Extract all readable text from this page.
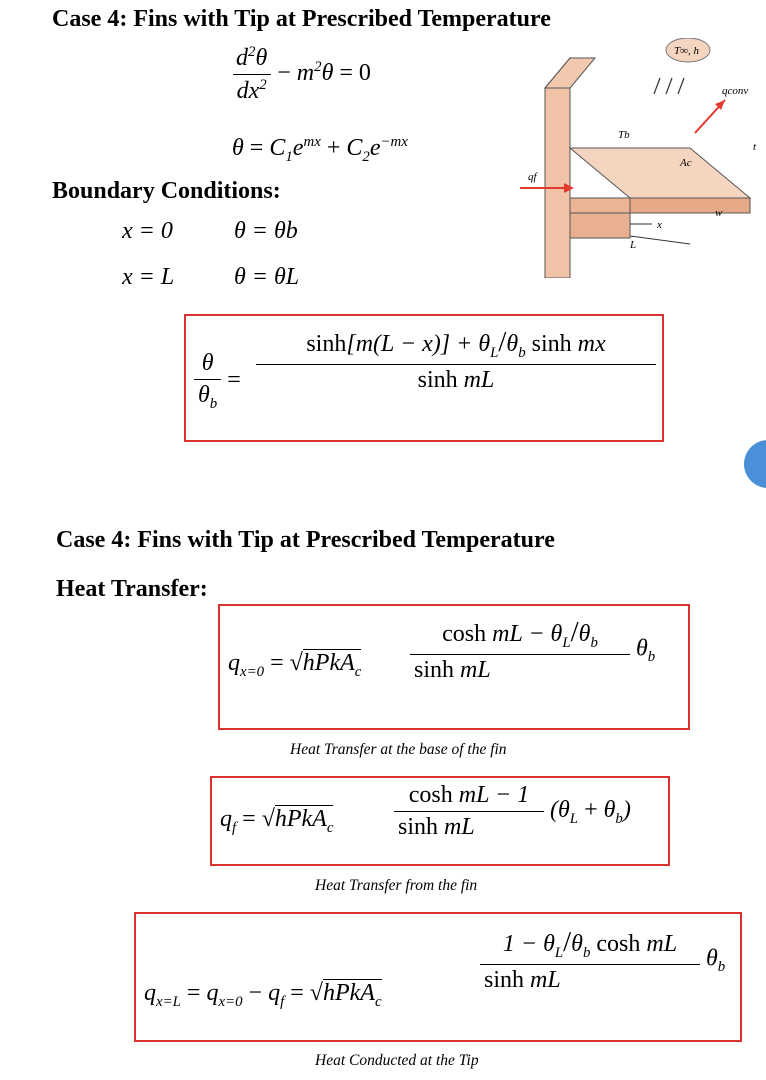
Case 4: Fins with Tip at Prescribed Temperature
$\frac{d^2\theta}{dx^2} - m^2\theta = 0$
$\theta = C_1e^{mx} + C_2e^{-mx}$
Boundary Conditions:
x = 0	θ = θb
x = L θ = θL
T∞, h
qconv
Tb
Ac
t
w
qf
L
x
$\frac{\theta}{\theta_b} = \frac{\sinh[m(L - x)] + \theta_L/\theta_b \sinh mx}{\text{sinh mL}}$
Case 4: Fins with Tip at Prescribed Temperature
Heat Transfer:
$q_{x=0}$ = √hPkA$_c$ $\frac{\cosh mL - \theta_L/\theta_b}{\text{sinh mL}} \theta_b$
Heat Transfer at the base of the fin
$q_f$ = √hPkA$_c$	$\frac{\text{cosh mL − 1}}{\text{sinh mL}} (\theta_L + \theta_b)$
Heat Transfer from the fin
$q_{x=L} = q_{x=0} - q_f$ = √hPkA$_c$
$\frac{1 - \theta_L/\theta_b \cosh mL}{\text{sinh mL}} \theta_b$
Heat Conducted at the Tip
